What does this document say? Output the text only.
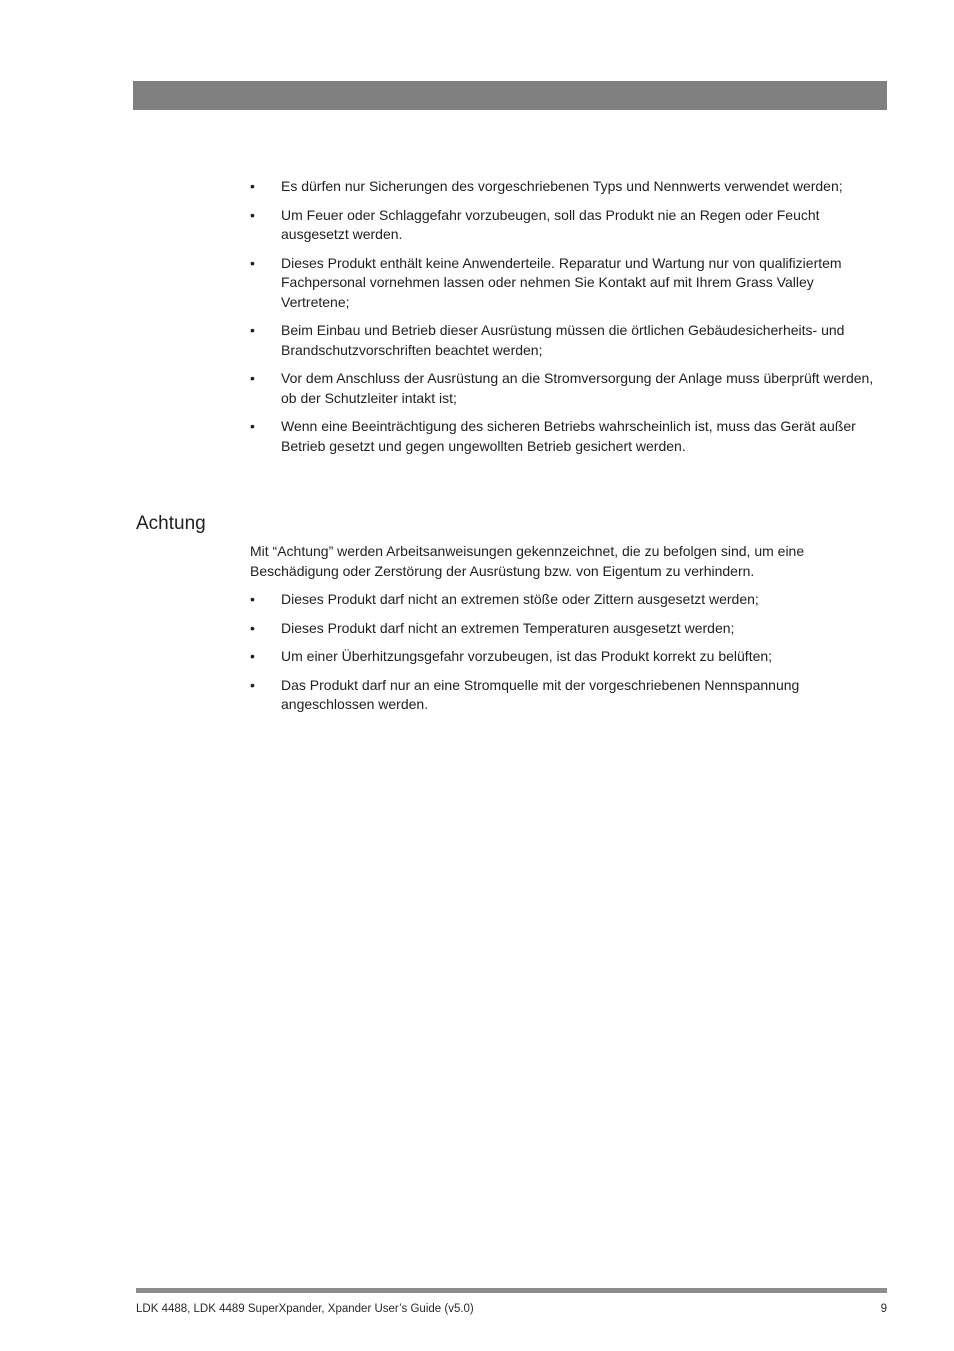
• Es dürfen nur Sicherungen des vorgeschriebenen Typs und Nennwerts verwendet werden;
• Um Feuer oder Schlaggefahr vorzubeugen, soll das Produkt nie an Regen oder Feucht ausgesetzt werden.
• Dieses Produkt enthält keine Anwenderteile. Reparatur und Wartung nur von qualifiziertem Fachpersonal vornehmen lassen oder nehmen Sie Kontakt auf mit Ihrem Grass Valley Vertretene;
• Beim Einbau und Betrieb dieser Ausrüstung müssen die örtlichen Gebäudesicherheits- und Brandschutzvorschriften beachtet werden;
• Vor dem Anschluss der Ausrüstung an die Stromversorgung der Anlage muss überprüft werden, ob der Schutzleiter intakt ist;
• Wenn eine Beeinträchtigung des sicheren Betriebs wahrscheinlich ist, muss das Gerät außer Betrieb gesetzt und gegen ungewollten Betrieb gesichert werden.
Achtung

Mit “Achtung” werden Arbeitsanweisungen gekennzeichnet, die zu befolgen sind, um eine Beschädigung oder Zerstörung der Ausrüstung bzw. von Eigentum zu verhindern.

• Dieses Produkt darf nicht an extremen stöße oder Zittern ausgesetzt werden;
• Dieses Produkt darf nicht an extremen Temperaturen ausgesetzt werden;
• Um einer Überhitzungsgefahr vorzubeugen, ist das Produkt korrekt zu belüften;
• Das Produkt darf nur an eine Stromquelle mit der vorgeschriebenen Nennspannung angeschlossen werden.
LDK 4488, LDK 4489 SuperXpander, Xpander User’s Guide (v5.0)	9
